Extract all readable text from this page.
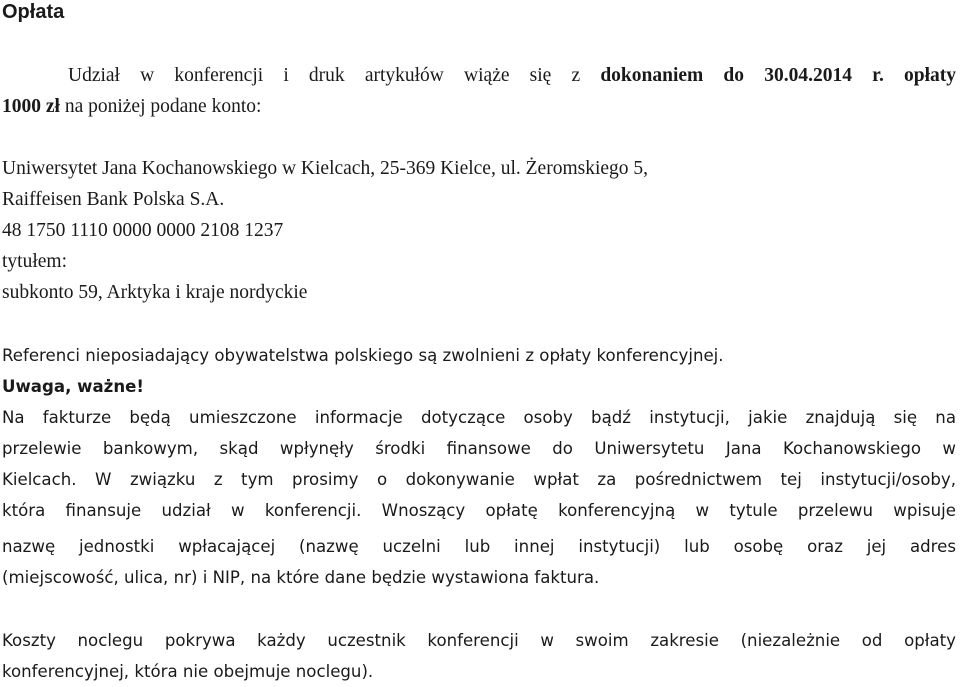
Opłata
Udział w konferencji i druk artykułów wiąże się z dokonaniem do 30.04.2014 r. opłaty
1000 zł na poniżej podane konto:
Uniwersytet Jana Kochanowskiego w Kielcach, 25-369 Kielce, ul. Żeromskiego 5,
Raiffeisen Bank Polska S.A.
48 1750 1110 0000 0000 2108 1237
tytułem:
subkonto 59, Arktyka i kraje nordyckie
Referenci nieposiadający obywatelstwa polskiego są zwolnieni z opłaty konferencyjnej.
Uwaga, ważne!
Na fakturze będą umieszczone informacje dotyczące osoby bądź instytucji, jakie znajdują się na
przelewie bankowym, skąd wpłynęły środki finansowe do Uniwersytetu Jana Kochanowskiego w
Kielcach. W związku z tym prosimy o dokonywanie wpłat za pośrednictwem tej instytucji/osoby,
która finansuje udział w konferencji. Wnoszący opłatę konferencyjną w tytule przelewu wpisuje
nazwę jednostki wpłacającej (nazwę uczelni lub innej instytucji) lub osobę oraz jej adres
(miejscowość, ulica, nr) i NIP, na które dane będzie wystawiona faktura.
Koszty noclegu pokrywa każdy uczestnik konferencji w swoim zakresie (niezależnie od opłaty
konferencyjnej, która nie obejmuje noclegu).
